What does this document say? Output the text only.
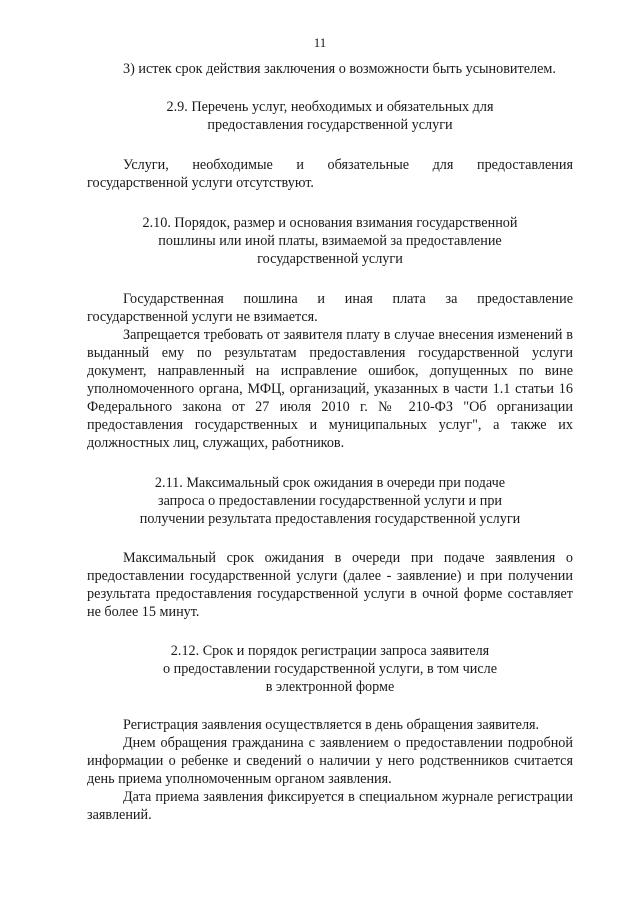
11

3) истек срок действия заключения о возможности быть усыновителем.

2.9. Перечень услуг, необходимых и обязательных для
предоставления государственной услуги

Услуги, необходимые и обязательные для предоставления государственной услуги отсутствуют.

2.10. Порядок, размер и основания взимания государственной
пошлины или иной платы, взимаемой за предоставление
государственной услуги

Государственная пошлина и иная плата за предоставление государственной услуги не взимается.

Запрещается требовать от заявителя плату в случае внесения изменений в выданный ему по результатам предоставления государственной услуги документ, направленный на исправление ошибок, допущенных по вине уполномоченного органа, МФЦ, организаций, указанных в части 1.1 статьи 16 Федерального закона от 27 июля 2010 г. № 210-ФЗ "Об организации предоставления государственных и муниципальных услуг", а также их должностных лиц, служащих, работников.

2.11. Максимальный срок ожидания в очереди при подаче
запроса о предоставлении государственной услуги и при
получении результата предоставления государственной услуги

Максимальный срок ожидания в очереди при подаче заявления о предоставлении государственной услуги (далее - заявление) и при получении результата предоставления государственной услуги в очной форме составляет не более 15 минут.

2.12. Срок и порядок регистрации запроса заявителя
о предоставлении государственной услуги, в том числе
в электронной форме

Регистрация заявления осуществляется в день обращения заявителя.

Днем обращения гражданина с заявлением о предоставлении подробной информации о ребенке и сведений о наличии у него родственников считается день приема уполномоченным органом заявления.

Дата приема заявления фиксируется в специальном журнале регистрации заявлений.
